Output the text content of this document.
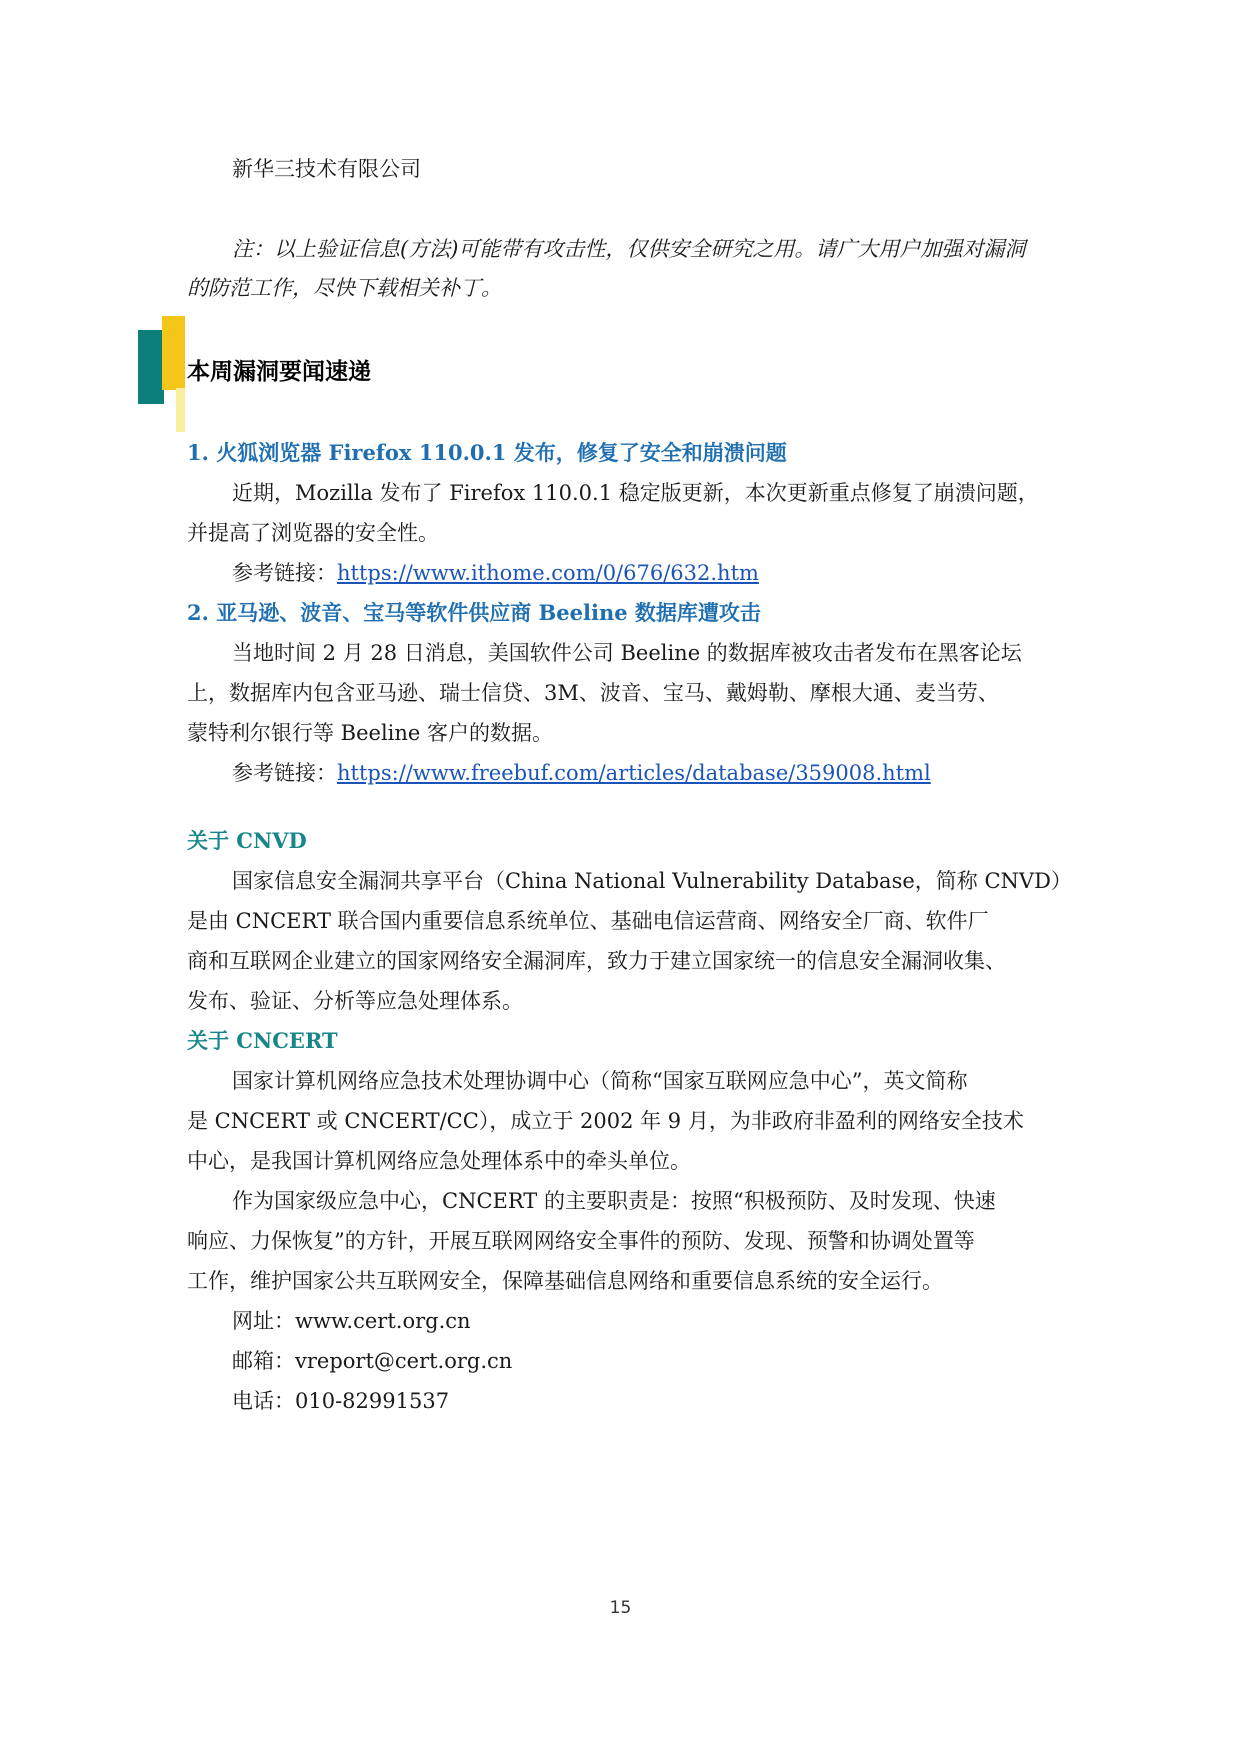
新华三技术有限公司
注：以上验证信息(方法)可能带有攻击性，仅供安全研究之用。请广大用户加强对漏洞
的防范工作，尽快下载相关补丁。
本周漏洞要闻速递
1. 火狐浏览器 Firefox 110.0.1 发布，修复了安全和崩溃问题
近期，Mozilla 发布了 Firefox 110.0.1 稳定版更新，本次更新重点修复了崩溃问题，
并提高了浏览器的安全性。
参考链接：https://www.ithome.com/0/676/632.htm
2. 亚马逊、波音、宝马等软件供应商 Beeline 数据库遭攻击
当地时间 2 月 28 日消息，美国软件公司 Beeline 的数据库被攻击者发布在黑客论坛
上，数据库内包含亚马逊、瑞士信贷、3M、波音、宝马、戴姆勒、摩根大通、麦当劳、
蒙特利尔银行等 Beeline 客户的数据。
参考链接：https://www.freebuf.com/articles/database/359008.html
关于 CNVD
国家信息安全漏洞共享平台（China National Vulnerability Database，简称 CNVD）
是由 CNCERT 联合国内重要信息系统单位、基础电信运营商、网络安全厂商、软件厂
商和互联网企业建立的国家网络安全漏洞库，致力于建立国家统一的信息安全漏洞收集、
发布、验证、分析等应急处理体系。
关于 CNCERT
国家计算机网络应急技术处理协调中心（简称“国家互联网应急中心”，英文简称
是 CNCERT 或 CNCERT/CC），成立于 2002 年 9 月，为非政府非盈利的网络安全技术
中心，是我国计算机网络应急处理体系中的牵头单位。
作为国家级应急中心，CNCERT 的主要职责是：按照“积极预防、及时发现、快速
响应、力保恢复”的方针，开展互联网网络安全事件的预防、发现、预警和协调处置等
工作，维护国家公共互联网安全，保障基础信息网络和重要信息系统的安全运行。
网址：www.cert.org.cn
邮箱：vreport@cert.org.cn
电话：010-82991537
15
